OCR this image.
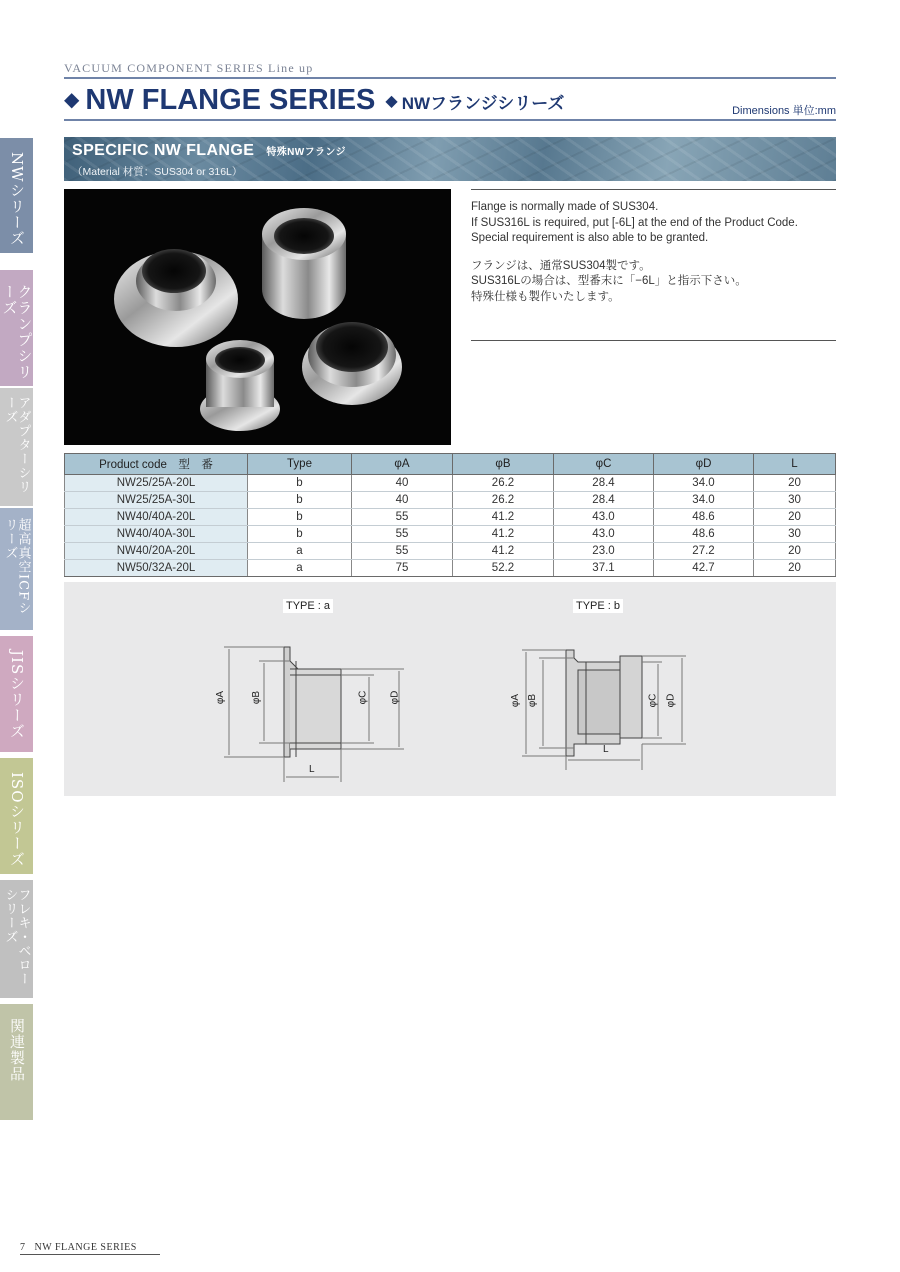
NWシリーズ
クランプシリーズ
アダプターシリーズ
超高真空ICFシリーズ
JISシリーズ
ISOシリーズ
フレキ・ベローシリーズ
関連製品
VACUUM COMPONENT SERIES Line up
◆ NW FLANGE SERIES ◆ NWフランジシリーズ	Dimensions 単位:mm
SPECIFIC NW FLANGE 特殊NWフランジ
（Material 材質：SUS304 or 316L）

Flange is normally made of SUS304.

If SUS316L is required, put [-6L] at the end of the Product Code.

Special requirement is also able to be granted.

フランジは、通常SUS304製です。

SUS316Lの場合は、型番末に「−6L」と指示下さい。

特殊仕様も製作いたします。

Product code　型　番	Type	φA	φB	φC	φD	L
NW25/25A-20L	b	40	26.2	28.4	34.0	20
NW25/25A-30L	b	40	26.2	28.4	34.0	30
NW40/40A-20L	b	55	41.2	43.0	48.6	20
NW40/40A-30L	b	55	41.2	43.0	48.6	30
NW40/20A-20L	a	55	41.2	23.0	27.2	20
NW50/32A-20L	a	75	52.2	37.1	42.7	20
TYPE : a	TYPE : b
φA	φB	φC φD
L
φA φB	φC φD
L
7 NW FLANGE SERIES
